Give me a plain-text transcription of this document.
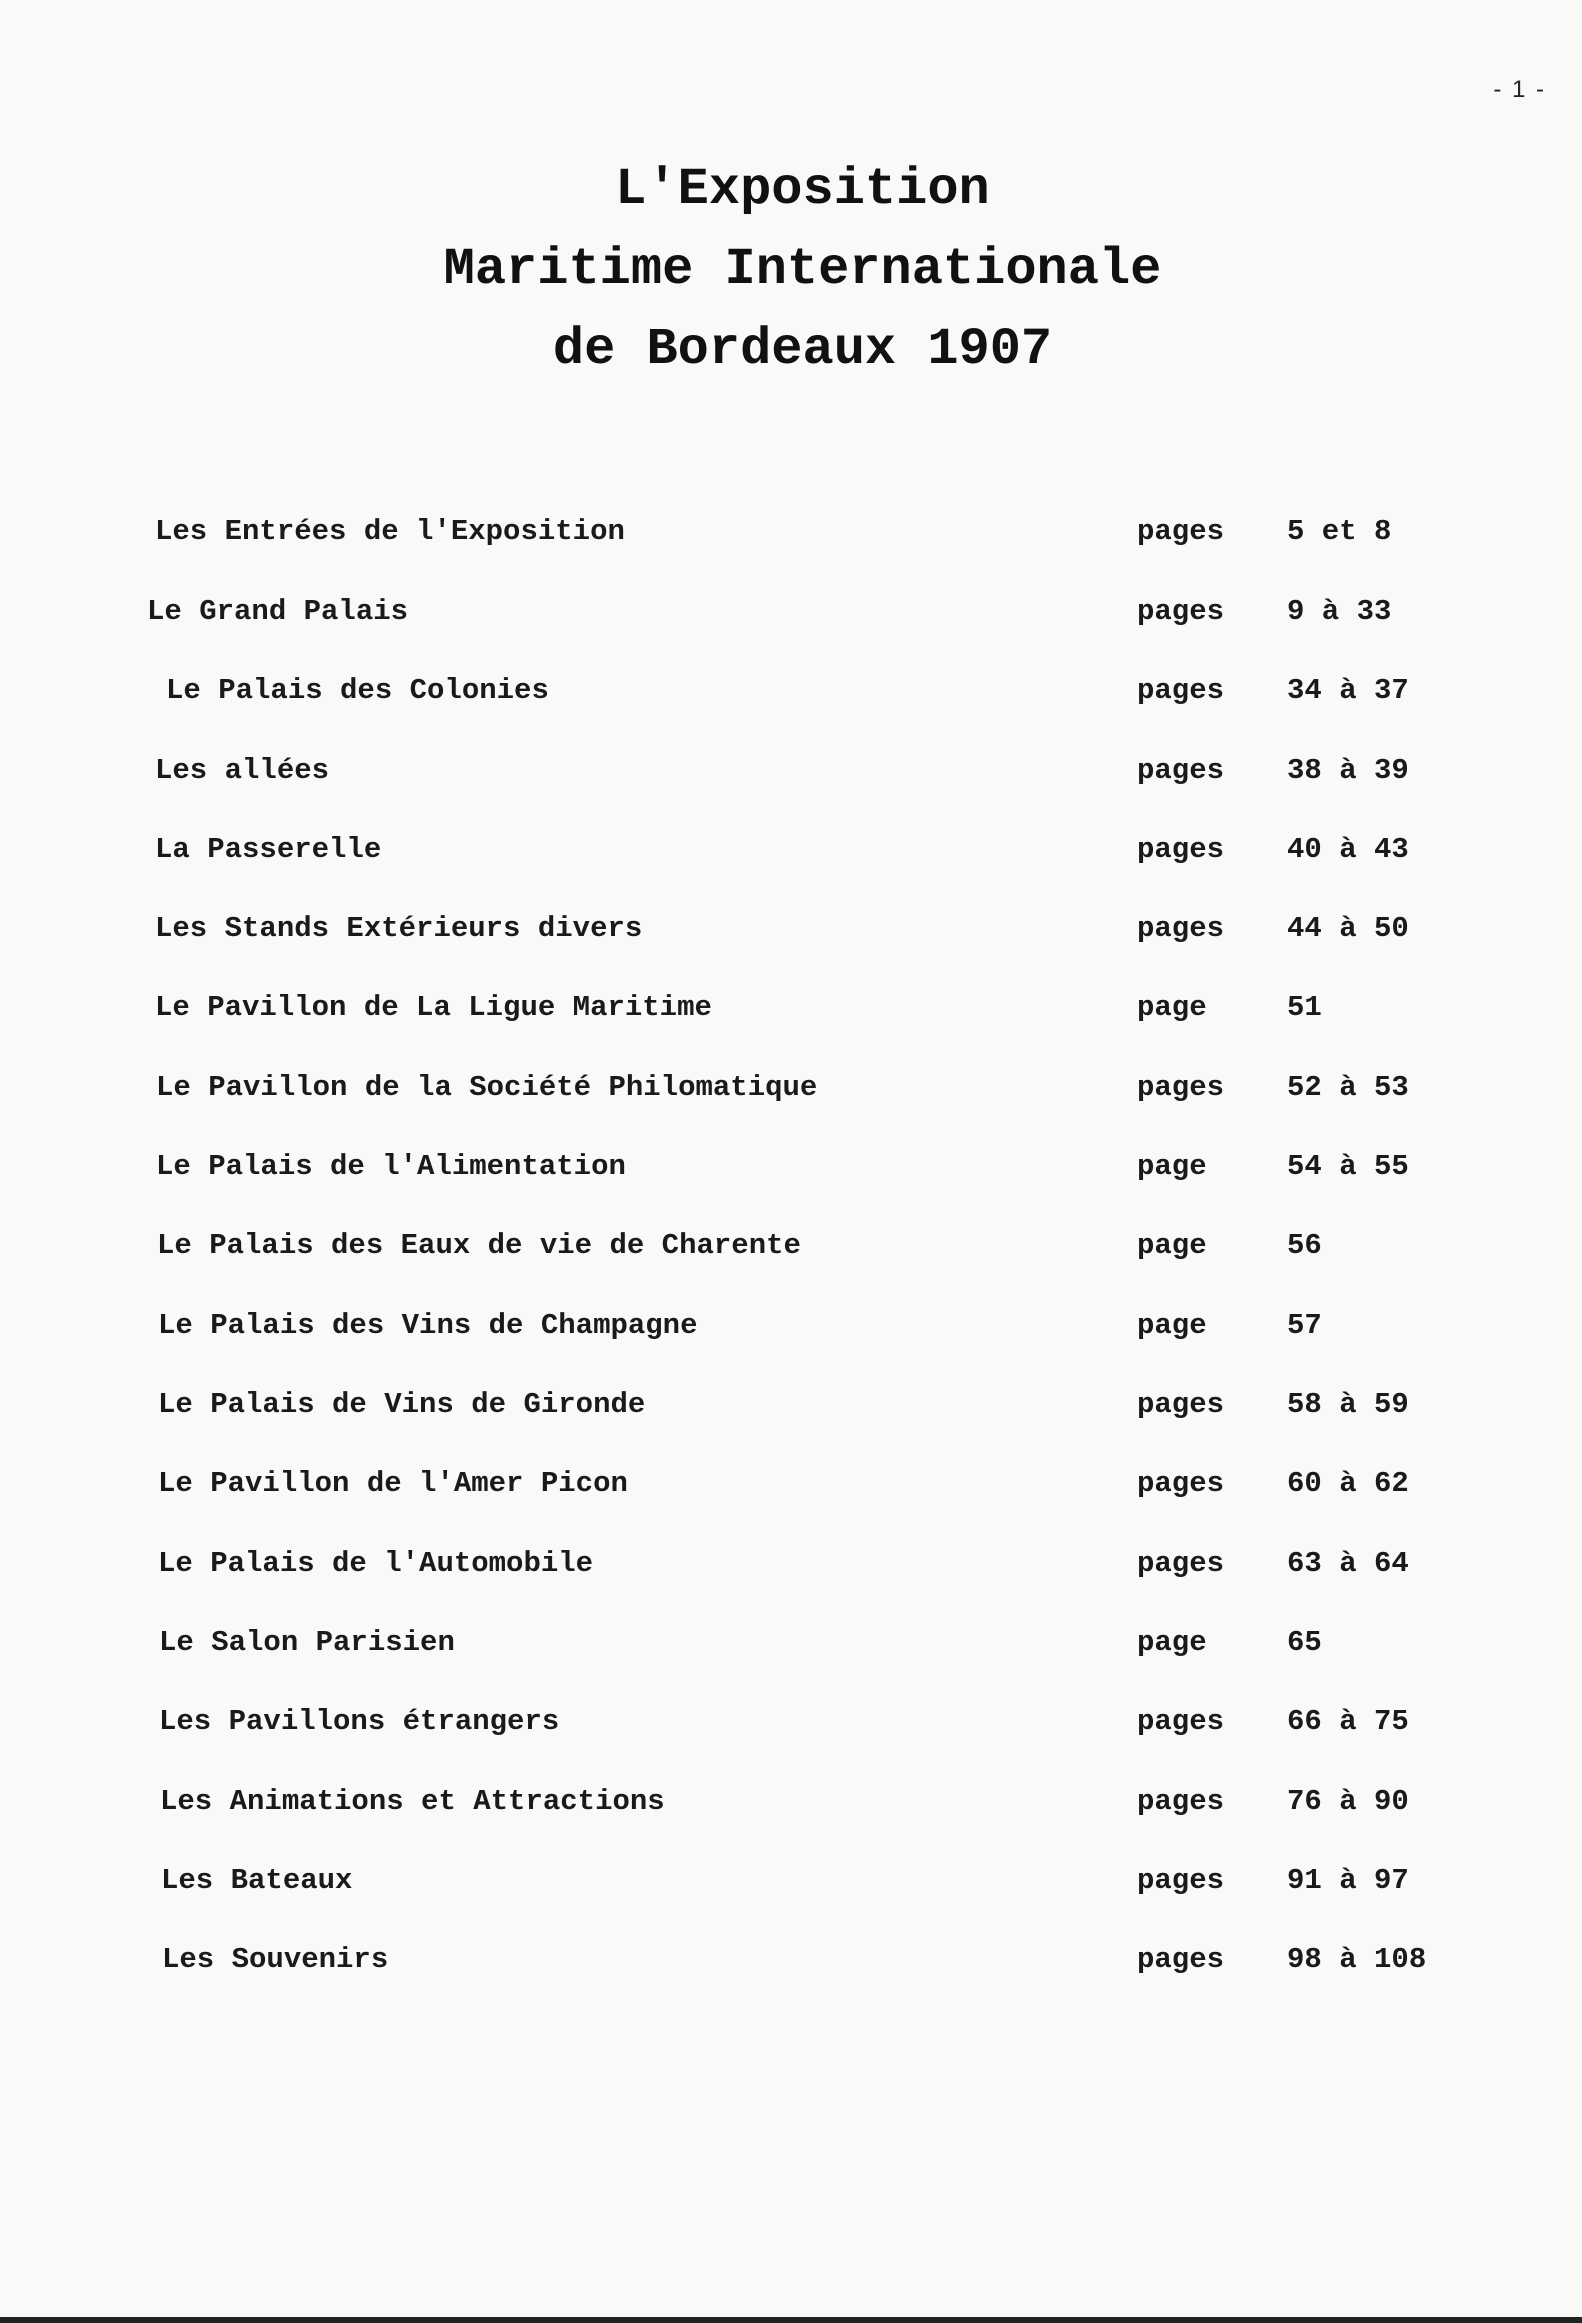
- 1 -
L'Exposition
Maritime Internationale
de Bordeaux 1907
Les Entrées de l'Exposition	pages 5 et 8
Le Grand Palais	pages 9 à 33
Le Palais des Colonies	pages 34 à 37
Les allées	pages 38 à 39
La Passerelle	pages 40 à 43
Les Stands Extérieurs divers	pages 44 à 50
Le Pavillon de La Ligue Maritime	page	51
Le Pavillon de la Société Philomatique	pages 52 à 53
Le Palais de l'Alimentation	page	54 à 55
Le Palais des Eaux de vie de Charente	page	56
Le Palais des Vins de Champagne	page	57
Le Palais de Vins de Gironde	pages 58 à 59
Le Pavillon de l'Amer Picon	pages 60 à 62
Le Palais de l'Automobile	pages 63 à 64
Le Salon Parisien	page	65
Les Pavillons étrangers	pages 66 à 75
Les Animations et Attractions	pages 76 à 90
Les Bateaux	pages 91 à 97
Les Souvenirs	pages 98 à 108
